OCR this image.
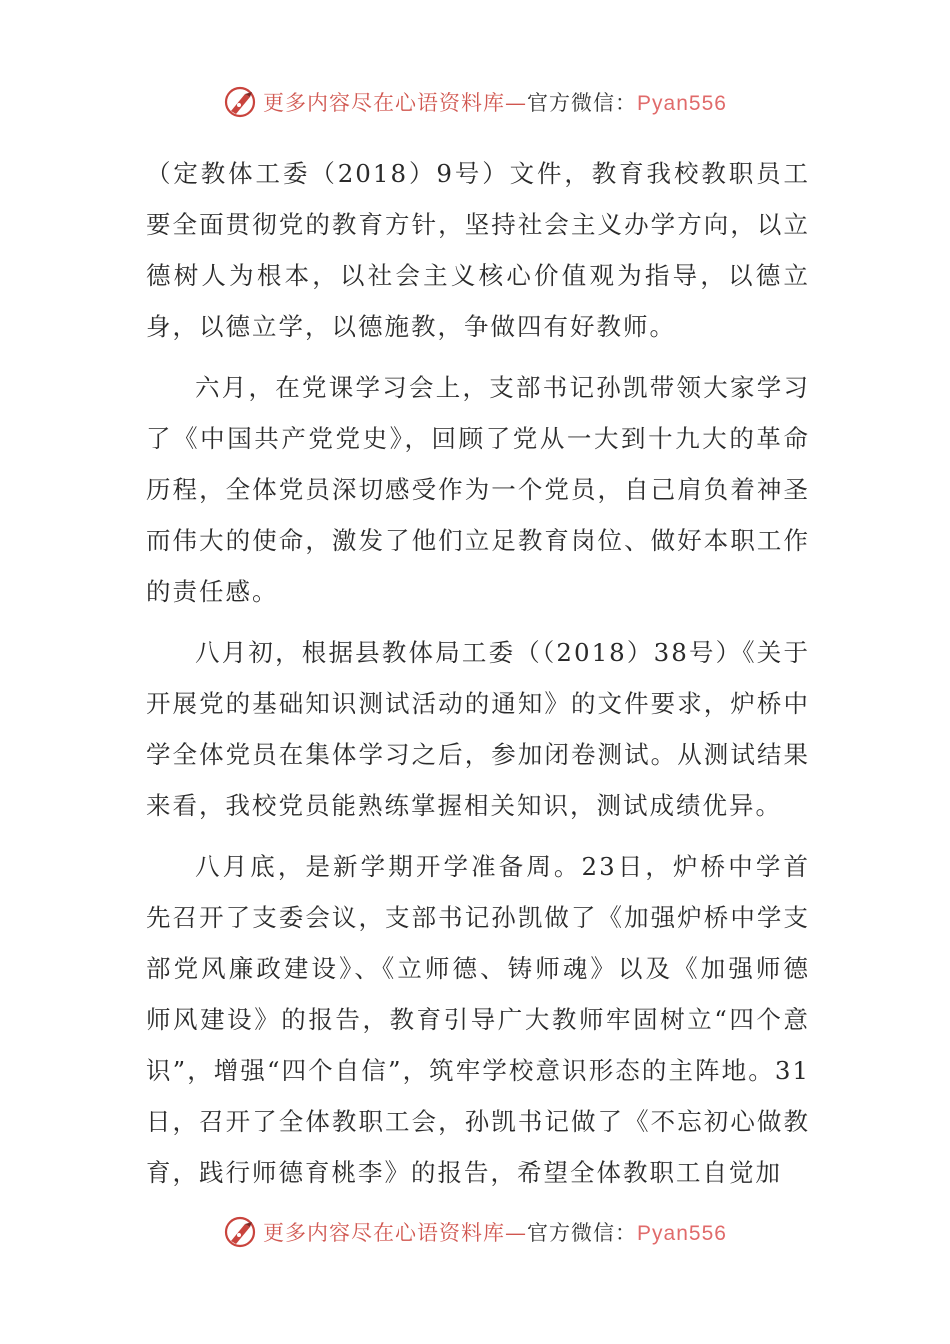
更多内容尽在心语资料库—官方微信：Pyan556

（定教体工委（2018）9号）文件，教育我校教职员工要全面贯彻党的教育方针，坚持社会主义办学方向，以立德树人为根本，以社会主义核心价值观为指导，以德立身，以德立学，以德施教，争做四有好教师。

六月，在党课学习会上，支部书记孙凯带领大家学习了《中国共产党党史》，回顾了党从一大到十九大的革命历程，全体党员深切感受作为一个党员，自己肩负着神圣而伟大的使命，激发了他们立足教育岗位、做好本职工作的责任感。

八月初，根据县教体局工委（（2018）38号）《关于开展党的基础知识测试活动的通知》的文件要求，炉桥中学全体党员在集体学习之后，参加闭卷测试。从测试结果来看，我校党员能熟练掌握相关知识，测试成绩优异。

八月底，是新学期开学准备周。23日，炉桥中学首先召开了支委会议，支部书记孙凯做了《加强炉桥中学支部党风廉政建设》、《立师德、铸师魂》以及《加强师德师风建设》的报告，教育引导广大教师牢固树立“四个意识”，增强“四个自信”，筑牢学校意识形态的主阵地。31日，召开了全体教职工会，孙凯书记做了《不忘初心做教育，践行师德育桃李》的报告，希望全体教职工自觉加

更多内容尽在心语资料库—官方微信：Pyan556
